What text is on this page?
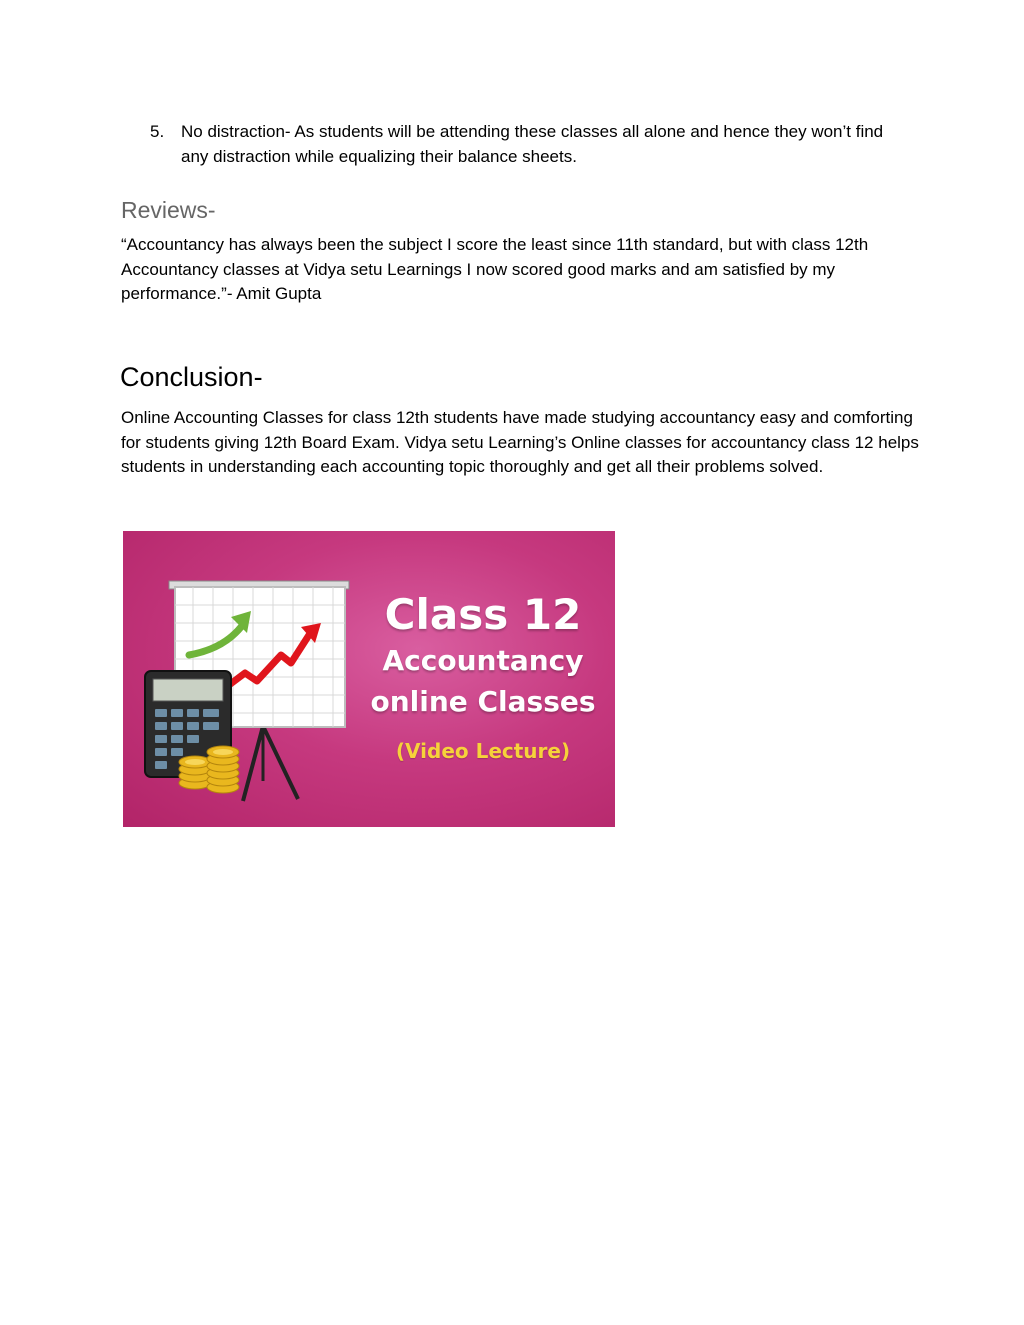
5. No distraction- As students will be attending these classes all alone and hence they won’t find any distraction while equalizing their balance sheets.
Reviews-

“Accountancy has always been the subject I score the least since 11th standard, but with class 12th Accountancy classes at Vidya setu Learnings I now scored good marks and am satisfied by my performance.”- Amit Gupta

Conclusion-

Online Accounting Classes for class 12th students have made studying accountancy easy and comforting for students giving 12th Board Exam. Vidya setu Learning’s Online classes for accountancy class 12 helps students in understanding each accounting topic thoroughly and get all their problems solved.

Class 12
Accountancy
online Classes
(Video Lecture)
